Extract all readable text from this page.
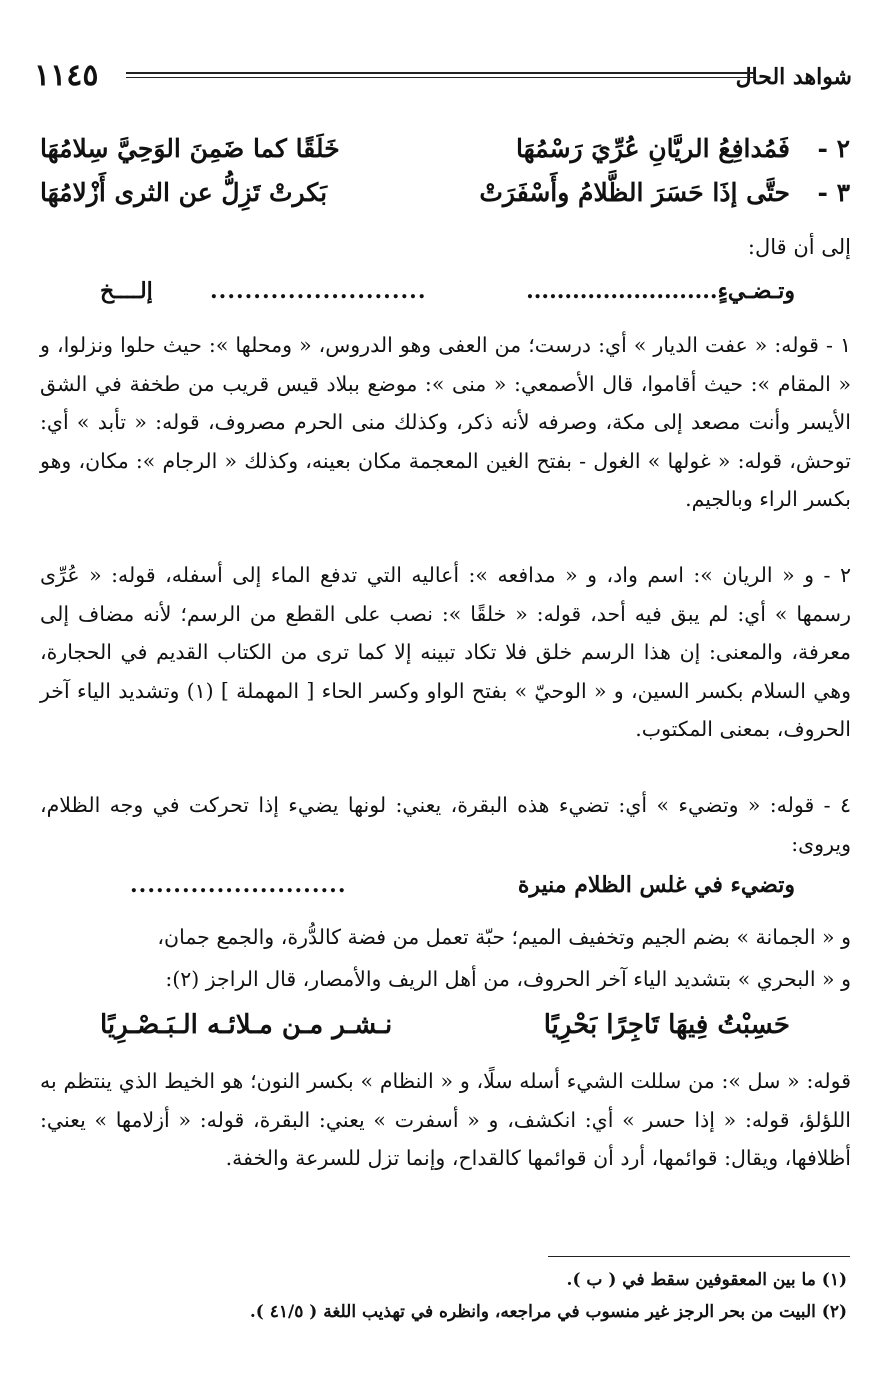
شواهد الحال
١١٤٥
٢ -
فَمُدافِعُ الريَّانِ عُرِّيَ رَسْمُهَا
خَلَقًا كما ضَمِنَ الوَحِيَّ سِلامُهَا
٣ -
حتَّى إذَا حَسَرَ الظَّلامُ وأَسْفَرَتْ
بَكرتْ تَزِلُّ عن الثرى أَزْلامُهَا
إلى أن قال:
وتـضـيءٍ.........................
.........................
إلــــخ

١ - قوله: « عفت الديار » أي: درست؛ من العفى وهو الدروس، « ومحلها »: حيث حلوا ونزلوا، و « المقام »: حيث أقاموا، قال الأصمعي: « منى »: موضع ببلاد قيس قريب من طخفة في الشق الأيسر وأنت مصعد إلى مكة، وصرفه لأنه ذكر، وكذلك منى الحرم مصروف، قوله: « تأبد » أي: توحش، قوله: « غولها » الغول - بفتح الغين المعجمة مكان بعينه، وكذلك « الرجام »: مكان، وهو بكسر الراء وبالجيم.

٢ - و « الريان »: اسم واد، و « مدافعه »: أعاليه التي تدفع الماء إلى أسفله، قوله: « عُرِّى رسمها » أي: لم يبق فيه أحد، قوله: « خلقًا »: نصب على القطع من الرسم؛ لأنه مضاف إلى معرفة، والمعنى: إن هذا الرسم خلق فلا تكاد تبينه إلا كما ترى من الكتاب القديم في الحجارة، وهي السلام بكسر السين، و « الوحيّ » بفتح الواو وكسر الحاء [ المهملة ] (١) وتشديد الياء آخر الحروف، بمعنى المكتوب.

٤ - قوله: « وتضيء » أي: تضيء هذه البقرة، يعني: لونها يضيء إذا تحركت في وجه الظلام، ويروى:

وتضيء في غلس الظلام منيرة
.........................
و « الجمانة » بضم الجيم وتخفيف الميم؛ حبّة تعمل من فضة كالدُّرة، والجمع جمان،
و « البحري » بتشديد الياء آخر الحروف، من أهل الريف والأمصار، قال الراجز (٢):
حَسِبْتُ فِيهَا تَاجِرًا بَحْرِيًا
نـشـر مـن مـلائـه الـبَـصْـرِيًا

قوله: « سل »: من سللت الشيء أسله سلًا، و « النظام » بكسر النون؛ هو الخيط الذي ينتظم به اللؤلؤ، قوله: « إذا حسر » أي: انكشف، و « أسفرت » يعني: البقرة، قوله: « أزلامها » يعني: أظلافها، ويقال: قوائمها، أرد أن قوائمها كالقداح، وإنما تزل للسرعة والخفة.

(١) ما بين المعقوفين سقط في ( ب ).

(٢) البيت من بحر الرجز غير منسوب في مراجعه، وانظره في تهذيب اللغة ( ٤١/٥ ).
